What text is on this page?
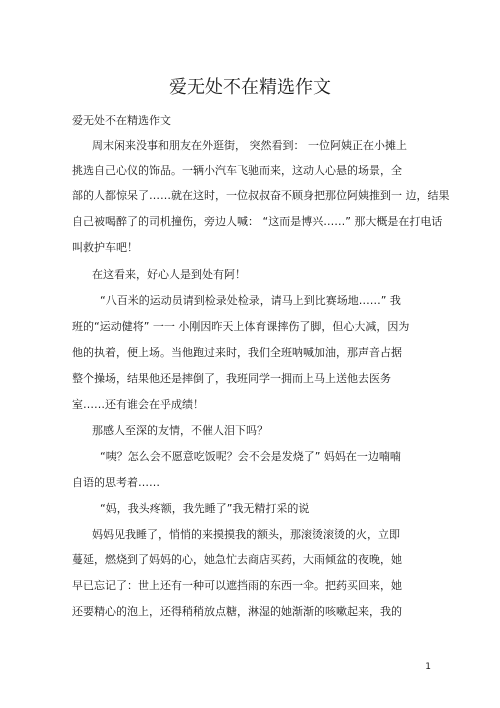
爱无处不在精选作文
爱无处不在精选作文
周末闲来没事和朋友在外逛街， 突然看到： 一位阿姨正在小摊上
挑选自己心仪的饰品。一辆小汽车飞驰而来，这动人心悬的场景，全
部的人都惊呆了……就在这时，一位叔叔奋不顾身把那位阿姨推到一 边，结果
自己被喝醉了的司机撞伤，旁边人喊： “这而是博兴……” 那大概是在打电话
叫救护车吧！
在这看来，好心人是到处有阿！
“八百米的运动员请到检录处检录，请马上到比赛场地……” 我
班的“运动健将” 一一 小刚因昨天上体育课摔伤了脚，但心大减，因为
他的执着，便上场。当他跑过来时，我们全班呐喊加油，那声音占据
整个操场，结果他还是摔倒了，我班同学一拥而上马上送他去医务
室……还有谁会在乎成绩！
那感人至深的友情，不催人泪下吗？
“咦？怎么会不愿意吃饭呢？会不会是发烧了” 妈妈在一边喃喃
自语的思考着……
“妈，我头疼额，我先睡了”我无精打采的说
妈妈见我睡了，悄悄的来摸摸我的额头，那滚烫滚烫的火，立即
蔓延，燃烧到了妈妈的心，她急忙去商店买药，大雨倾盆的夜晚，她
早已忘记了：世上还有一种可以遮挡雨的东西一伞。把药买回来，她
还要精心的泡上，还得稍稍放点糖，淋湿的她渐渐的咳嗽起来，我的
1
